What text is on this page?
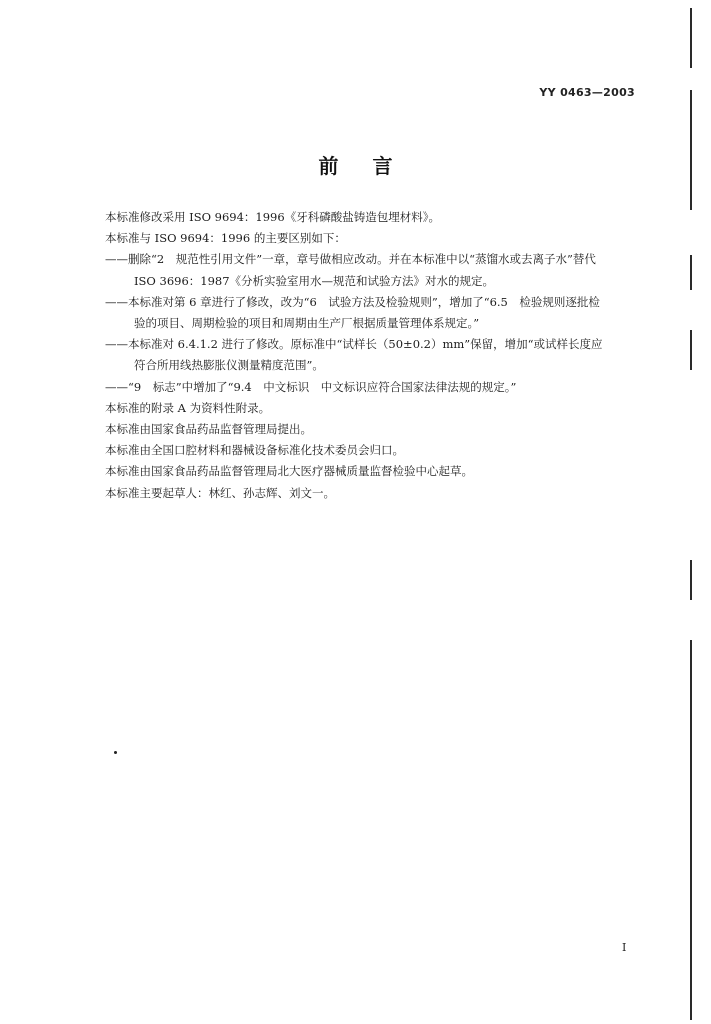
YY 0463—2003
前言

本标准修改采用 ISO 9694：1996《牙科磷酸盐铸造包埋材料》。

本标准与 ISO 9694：1996 的主要区别如下：

——删除“2　规范性引用文件”一章，章号做相应改动。并在本标准中以“蒸馏水或去离子水”替代

ISO 3696：1987《分析实验室用水—规范和试验方法》对水的规定。

——本标准对第 6 章进行了修改，改为“6　试验方法及检验规则”，增加了“6.5　检验规则逐批检

验的项目、周期检验的项目和周期由生产厂根据质量管理体系规定。”

——本标准对 6.4.1.2 进行了修改。原标准中“试样长（50±0.2）mm”保留，增加“或试样长度应

符合所用线热膨胀仪测量精度范围”。

——“9　标志”中增加了“9.4　中文标识　中文标识应符合国家法律法规的规定。”

本标准的附录 A 为资料性附录。

本标准由国家食品药品监督管理局提出。

本标准由全国口腔材料和器械设备标准化技术委员会归口。

本标准由国家食品药品监督管理局北大医疗器械质量监督检验中心起草。

本标准主要起草人：林红、孙志辉、刘文一。

I
